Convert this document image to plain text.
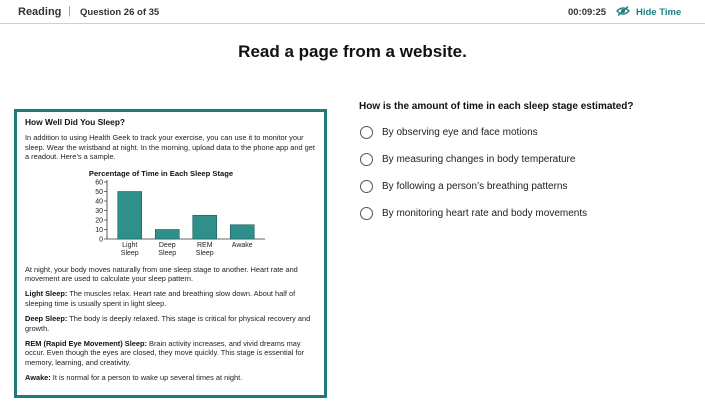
Reading | Question 26 of 35	00:09:25	Hide Time
Read a page from a website.
How Well Did You Sleep?

In addition to using Health Geek to track your exercise, you can use it to monitor your sleep. Wear the wristband at night. In the morning, upload data to the phone app and get a readout. Here’s a sample.

Percentage of Time in Each Sleep Stage
0
10
20
30
40
50
60
Light
Sleep
Deep
Sleep
REM
Sleep
Awake

At night, your body moves naturally from one sleep stage to another. Heart rate and movement are used to calculate your sleep pattern.

Light Sleep: The muscles relax. Heart rate and breathing slow down. About half of sleeping time is usually spent in light sleep.

Deep Sleep: The body is deeply relaxed. This stage is critical for physical recovery and growth.

REM (Rapid Eye Movement) Sleep: Brain activity increases, and vivid dreams may occur. Even though the eyes are closed, they move quickly. This stage is essential for memory, learning, and creativity.

Awake: It is normal for a person to wake up several times at night.

How is the amount of time in each sleep stage estimated?
By observing eye and face motions
By measuring changes in body temperature
By following a person’s breathing patterns
By monitoring heart rate and body movements
